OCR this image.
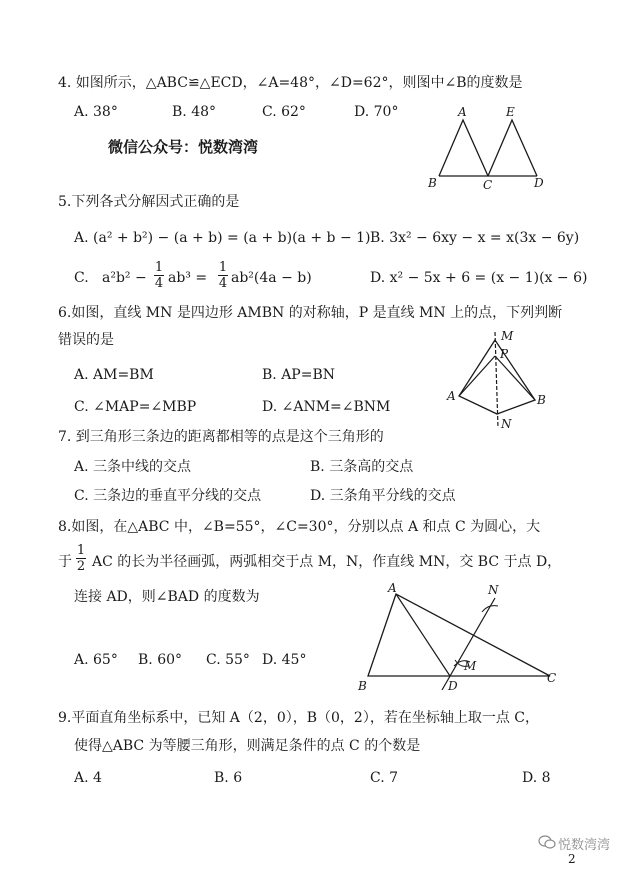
4. 如图所示，△ABC≌△ECD，∠A=48°，∠D=62°，则图中∠B的度数是
A. 38°	B. 48°	C. 62°	D. 70°
微信公众号：悦数湾湾
A	E
B	C	D
5.下列各式分解因式正确的是
A. (a² + b²) − (a + b) = (a + b)(a + b − 1) B. 3x² − 6xy − x = x(3x − 6y)
C. a²b² −
1
4 ab³ =
1
4 ab²(4a − b)	D. x² − 5x + 6 = (x − 1)(x − 6)
6.如图，直线 MN 是四边形 AMBN 的对称轴，P 是直线 MN 上的点，下列判断
错误的是
A. AM=BM	B. AP=BN
C. ∠MAP=∠MBP	D. ∠ANM=∠BNM
M
P
A	B
N
7. 到三角形三条边的距离都相等的点是这个三角形的
A. 三条中线的交点	B. 三条高的交点
C. 三条边的垂直平分线的交点	D. 三条角平分线的交点
8.如图，在△ABC 中，∠B=55°，∠C=30°，分别以点 A 和点 C 为圆心，大
于
1
2 AC 的长为半径画弧，两弧相交于点 M，N，作直线 MN，交 BC 于点 D，
连接 AD，则∠BAD 的度数为
A. 65° B. 60° C. 55° D. 45°
A	N
M
B	D
C
9.平面直角坐标系中，已知 A（2，0），B（0，2），若在坐标轴上取一点 C，
使得△ABC 为等腰三角形，则满足条件的点 C 的个数是
A. 4	B. 6	C. 7	D. 8
悦数湾湾
2
